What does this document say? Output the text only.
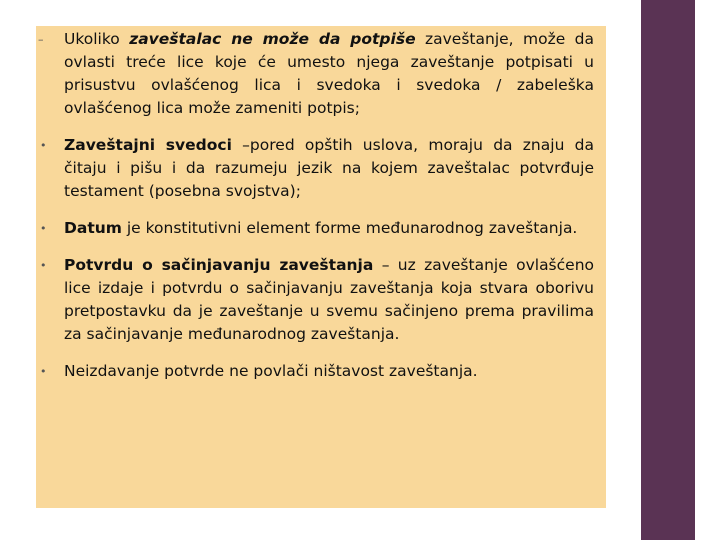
– Ukoliko zaveštalac ne može da potpiše zaveštanje, može da ovlasti treće lice koje će umesto njega zaveštanje potpisati u prisustvu ovlašćenog lica i svedoka i svedoka / zabeleška ovlašćenog lica može zameniti potpis;
• Zaveštajni svedoci –pored opštih uslova, moraju da znaju da čitaju i pišu i da razumeju jezik na kojem zaveštalac potvrđuje testament (posebna svojstva);
• Datum je konstitutivni element forme međunarodnog zaveštanja.
• Potvrdu o sačinjavanju zaveštanja – uz zaveštanje ovlašćeno lice izdaje i potvrdu o sačinjavanju zaveštanja koja stvara oborivu pretpostavku da je zaveštanje u svemu sačinjeno prema pravilima za sačinjavanje međunarodnog zaveštanja.
• Neizdavanje potvrde ne povlači ništavost zaveštanja.
